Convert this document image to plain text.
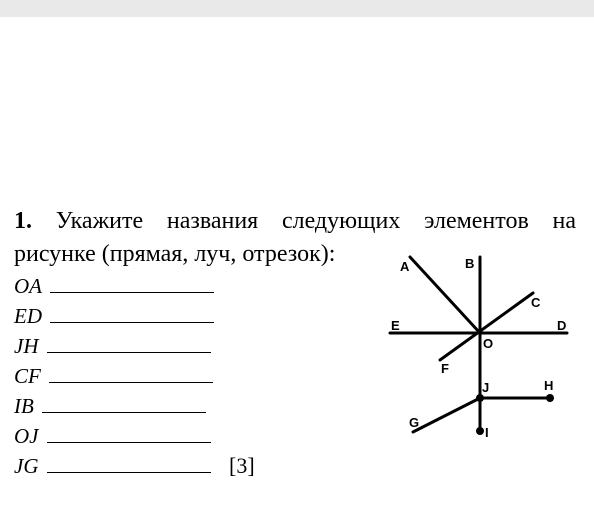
1. Укажите названия следующих элементов на
рисунке (прямая, луч, отрезок):
OA
ED
JH
CF
IB
OJ
JG	[3]
A	B
C
D
E
F
O
J	H
G
I
